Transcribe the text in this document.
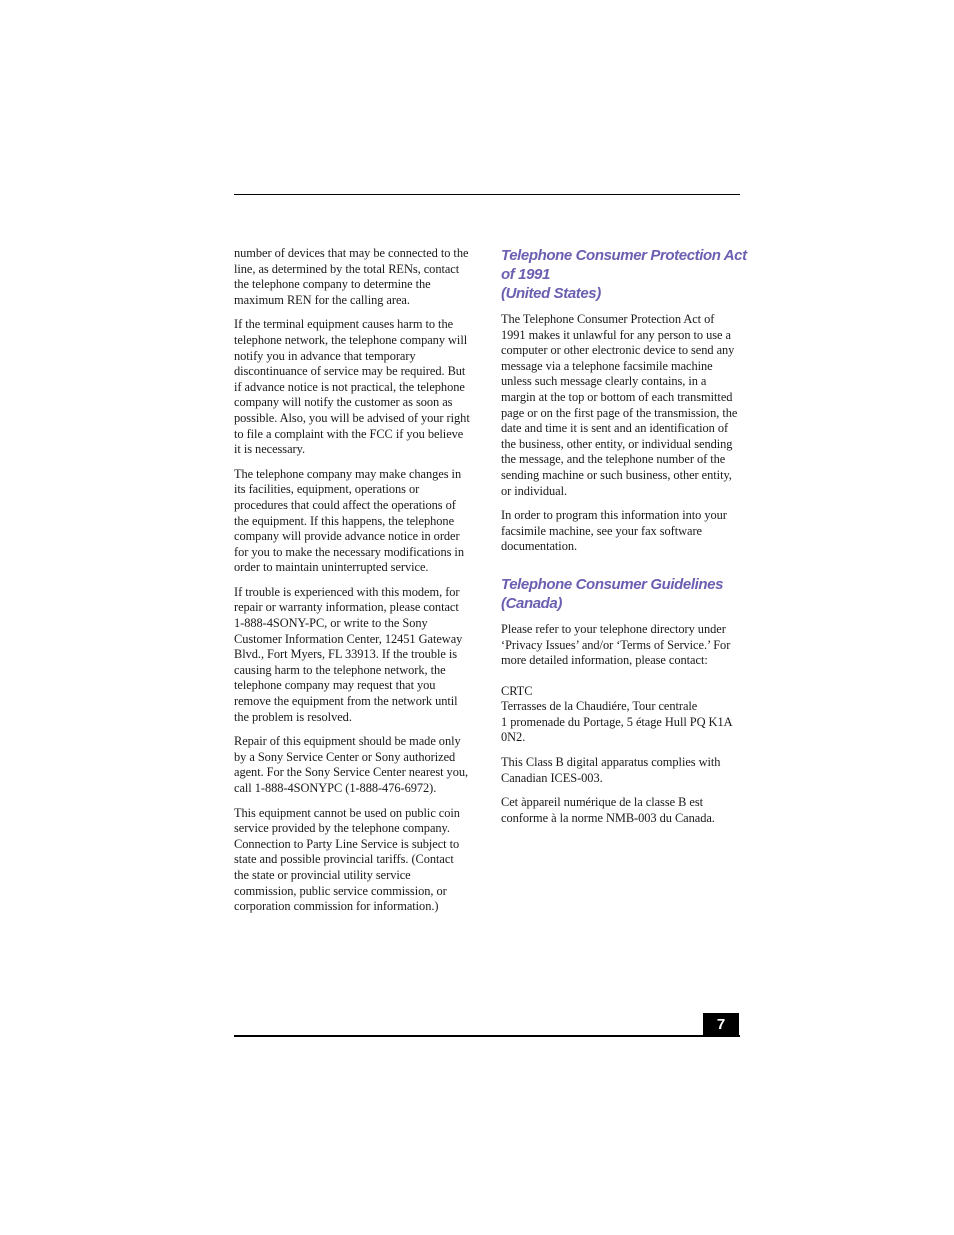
number of devices that may be connected to the
line, as determined by the total RENs, contact
the telephone company to determine the
maximum REN for the calling area.

If the terminal equipment causes harm to the
telephone network, the telephone company will
notify you in advance that temporary
discontinuance of service may be required. But
if advance notice is not practical, the telephone
company will notify the customer as soon as
possible. Also, you will be advised of your right
to file a complaint with the FCC if you believe
it is necessary.

The telephone company may make changes in
its facilities, equipment, operations or
procedures that could affect the operations of
the equipment. If this happens, the telephone
company will provide advance notice in order
for you to make the necessary modifications in
order to maintain uninterrupted service.

If trouble is experienced with this modem, for
repair or warranty information, please contact
1-888-4SONY-PC, or write to the Sony
Customer Information Center, 12451 Gateway
Blvd., Fort Myers, FL 33913. If the trouble is
causing harm to the telephone network, the
telephone company may request that you
remove the equipment from the network until
the problem is resolved.

Repair of this equipment should be made only
by a Sony Service Center or Sony authorized
agent. For the Sony Service Center nearest you,
call 1-888-4SONYPC (1-888-476-6972).

This equipment cannot be used on public coin
service provided by the telephone company.
Connection to Party Line Service is subject to
state and possible provincial tariffs. (Contact
the state or provincial utility service
commission, public service commission, or
corporation commission for information.)

Telephone Consumer Protection Act
of 1991
(United States)

The Telephone Consumer Protection Act of
1991 makes it unlawful for any person to use a
computer or other electronic device to send any
message via a telephone facsimile machine
unless such message clearly contains, in a
margin at the top or bottom of each transmitted
page or on the first page of the transmission, the
date and time it is sent and an identification of
the business, other entity, or individual sending
the message, and the telephone number of the
sending machine or such business, other entity,
or individual.

In order to program this information into your
facsimile machine, see your fax software
documentation.

Telephone Consumer Guidelines
(Canada)

Please refer to your telephone directory under
‘Privacy Issues’ and/or ‘Terms of Service.’ For
more detailed information, please contact:

CRTC
Terrasses de la Chaudiére, Tour centrale
1 promenade du Portage, 5 étage Hull PQ K1A
0N2.

This Class B digital apparatus complies with
Canadian ICES-003.

Cet àppareil numérique de la classe B est
conforme à la norme NMB-003 du Canada.

7
